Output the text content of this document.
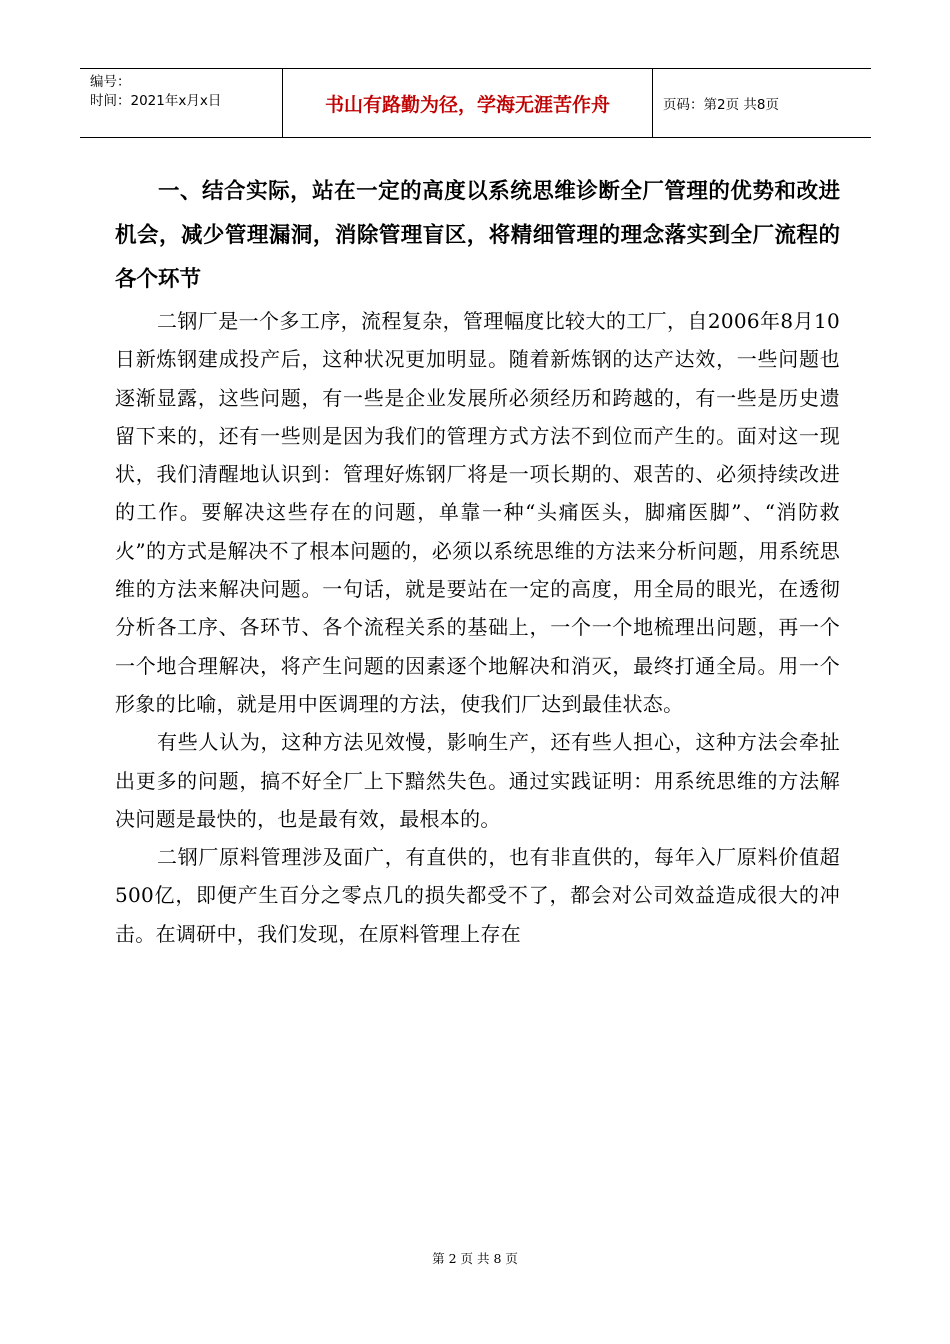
编号：
时间：2021年x月x日	书山有路勤为径，学海无涯苦作舟	页码：第2页 共8页

一、结合实际，站在一定的高度以系统思维诊断全厂管理的优势和改进机会，减少管理漏洞，消除管理盲区，将精细管理的理念落实到全厂流程的各个环节

二钢厂是一个多工序，流程复杂，管理幅度比较大的工厂，自2006年8月10日新炼钢建成投产后，这种状况更加明显。随着新炼钢的达产达效，一些问题也逐渐显露，这些问题，有一些是企业发展所必须经历和跨越的，有一些是历史遗留下来的，还有一些则是因为我们的管理方式方法不到位而产生的。面对这一现状，我们清醒地认识到：管理好炼钢厂将是一项长期的、艰苦的、必须持续改进的工作。要解决这些存在的问题，单靠一种“头痛医头，脚痛医脚”、“消防救火”的方式是解决不了根本问题的，必须以系统思维的方法来分析问题，用系统思维的方法来解决问题。一句话，就是要站在一定的高度，用全局的眼光，在透彻分析各工序、各环节、各个流程关系的基础上，一个一个地梳理出问题，再一个一个地合理解决，将产生问题的因素逐个地解决和消灭，最终打通全局。用一个形象的比喻，就是用中医调理的方法，使我们厂达到最佳状态。

有些人认为，这种方法见效慢，影响生产，还有些人担心，这种方法会牵扯出更多的问题，搞不好全厂上下黯然失色。通过实践证明：用系统思维的方法解决问题是最快的，也是最有效，最根本的。

二钢厂原料管理涉及面广，有直供的，也有非直供的，每年入厂原料价值超500亿，即便产生百分之零点几的损失都受不了，都会对公司效益造成很大的冲击。在调研中，我们发现，在原料管理上存在

第 2 页 共 8 页
